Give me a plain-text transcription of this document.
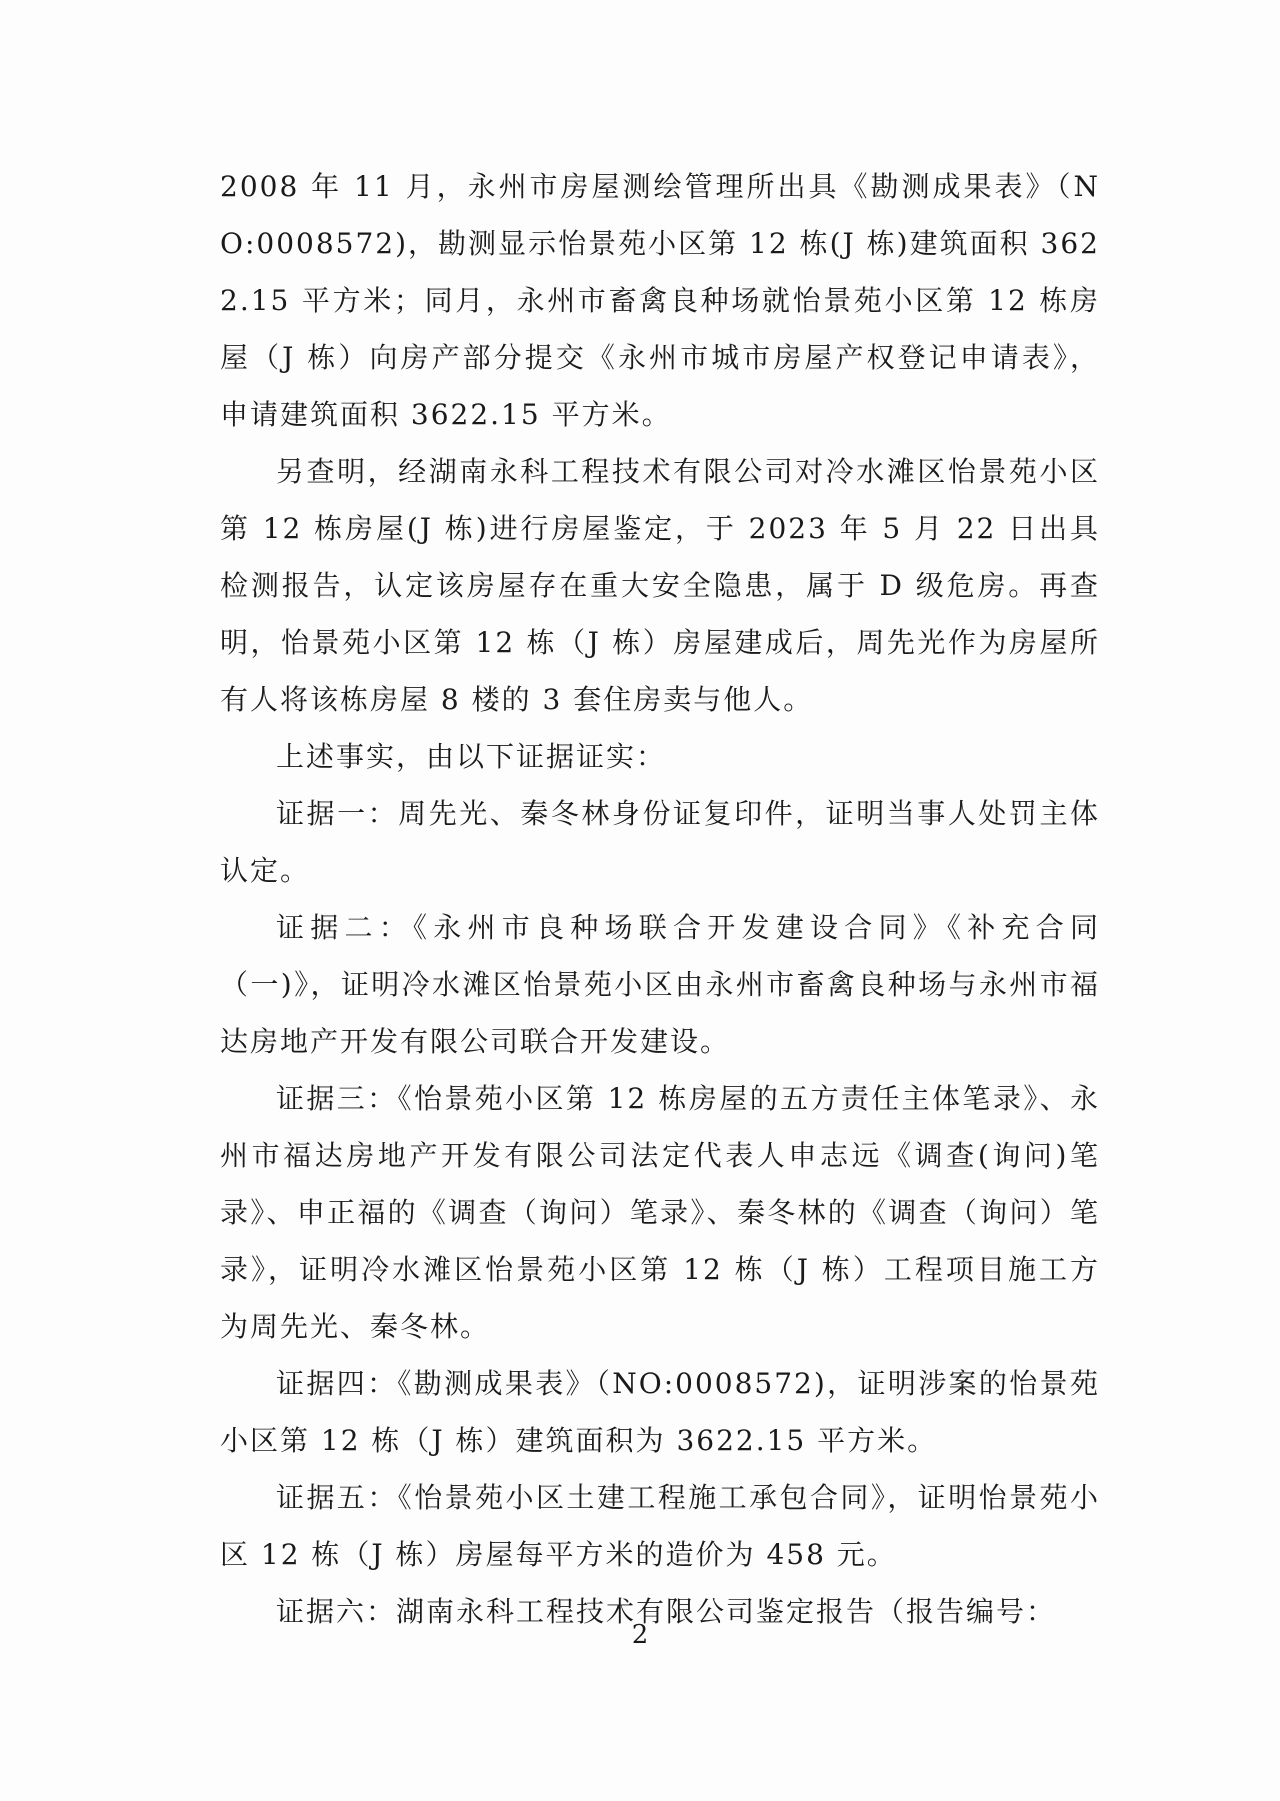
2008 年 11 月，永州市房屋测绘管理所出具《勘测成果表》（NO:0008572)，勘测显示怡景苑小区第 12 栋(J 栋)建筑面积 3622.15 平方米；同月，永州市畜禽良种场就怡景苑小区第 12 栋房屋（J 栋）向房产部分提交《永州市城市房屋产权登记申请表》，申请建筑面积 3622.15 平方米。

另查明，经湖南永科工程技术有限公司对冷水滩区怡景苑小区第 12 栋房屋(J 栋)进行房屋鉴定，于 2023 年 5 月 22 日出具检测报告，认定该房屋存在重大安全隐患，属于 D 级危房。再查明，怡景苑小区第 12 栋（J 栋）房屋建成后，周先光作为房屋所有人将该栋房屋 8 楼的 3 套住房卖与他人。

上述事实，由以下证据证实：

证据一：周先光、秦冬林身份证复印件，证明当事人处罚主体认定。

证据二：《永州市良种场联合开发建设合同》《补充合同（一)》，证明冷水滩区怡景苑小区由永州市畜禽良种场与永州市福达房地产开发有限公司联合开发建设。

证据三：《怡景苑小区第 12 栋房屋的五方责任主体笔录》、永州市福达房地产开发有限公司法定代表人申志远《调查(询问)笔录》、申正福的《调查（询问）笔录》、秦冬林的《调查（询问）笔录》，证明冷水滩区怡景苑小区第 12 栋（J 栋）工程项目施工方为周先光、秦冬林。

证据四：《勘测成果表》（NO:0008572)，证明涉案的怡景苑小区第 12 栋（J 栋）建筑面积为 3622.15 平方米。

证据五：《怡景苑小区土建工程施工承包合同》，证明怡景苑小区 12 栋（J 栋）房屋每平方米的造价为 458 元。

证据六：湖南永科工程技术有限公司鉴定报告（报告编号：

2
